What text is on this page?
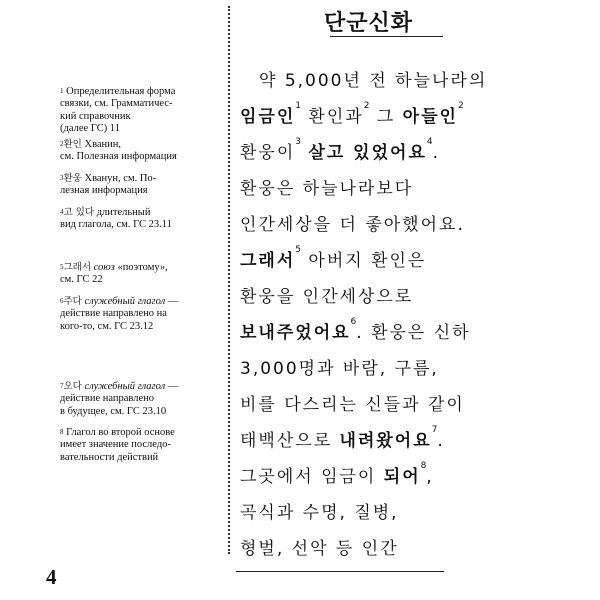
$^1$ Определительная форма
связки, см. Грамматичес-
кий справочник
(далее ГС) 11
$^2$환인 Хванин,
см. Полезная информация
$^3$환웅 Хванун, см. По-
лезная информация
$^4$고 있다 длительный
вид глагола, см. ГС 23.11
$^5$그래서 союз «поэтому»,
см. ГС 22
$^6$주다 служебный глагол —
действие направлено на
кого-то, см. ГС 23.12
$^7$오다 служебный глагол —
действие направлено
в будущее, см. ГС 23.10
$^8$ Глагол во второй основе
имеет значение последо-
вательности действий
4
단군신화
　약 5,000년 전 하늘나라의
임금인$^1$ 환인과$^2$ 그 아들인$^2$
환웅이$^3$ 살고 있었어요$^4$.
환웅은 하늘나라보다
인간세상을 더 좋아했어요.
그래서$^5$ 아버지 환인은
환웅을 인간세상으로
보내주었어요$^6$. 환웅은 신하
3,000명과 바람, 구름,
비를 다스리는 신들과 같이
태백산으로 내려왔어요$^7$.
그곳에서 임금이 되어$^8$,
곡식과 수명, 질병,
형벌, 선악 등 인간
